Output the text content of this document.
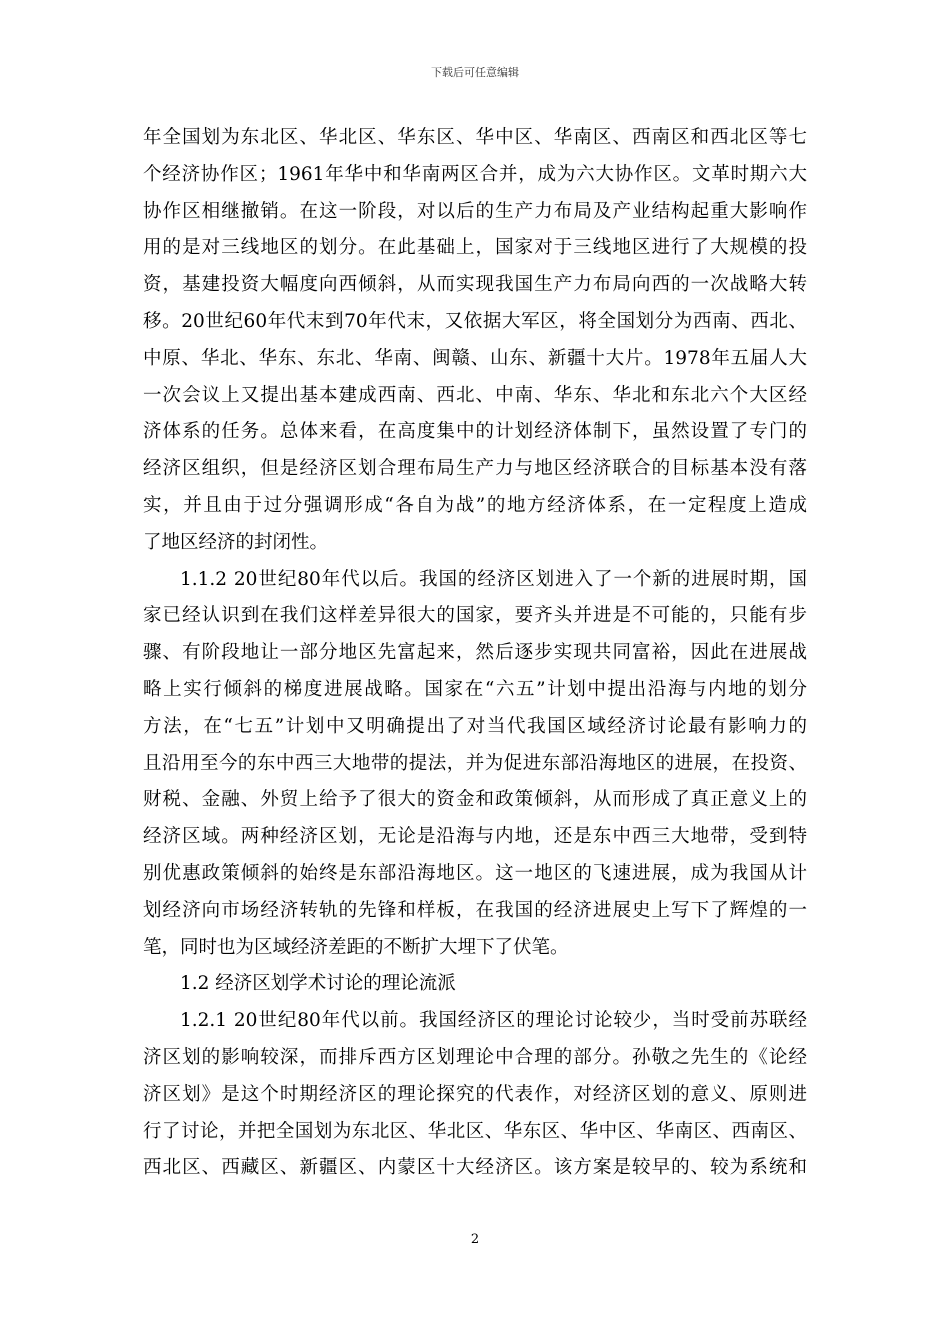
下载后可任意编辑
年全国划为东北区、华北区、华东区、华中区、华南区、西南区和西北区等七
个经济协作区；1961年华中和华南两区合并，成为六大协作区。文革时期六大
协作区相继撤销。在这一阶段，对以后的生产力布局及产业结构起重大影响作
用的是对三线地区的划分。在此基础上，国家对于三线地区进行了大规模的投
资，基建投资大幅度向西倾斜，从而实现我国生产力布局向西的一次战略大转
移。20世纪60年代末到70年代末，又依据大军区，将全国划分为西南、西北、
中原、华北、华东、东北、华南、闽赣、山东、新疆十大片。1978年五届人大
一次会议上又提出基本建成西南、西北、中南、华东、华北和东北六个大区经
济体系的任务。总体来看，在高度集中的计划经济体制下，虽然设置了专门的
经济区组织，但是经济区划合理布局生产力与地区经济联合的目标基本没有落
实，并且由于过分强调形成“各自为战”的地方经济体系，在一定程度上造成
了地区经济的封闭性。
1.1.2 20世纪80年代以后。我国的经济区划进入了一个新的进展时期，国
家已经认识到在我们这样差异很大的国家，要齐头并进是不可能的，只能有步
骤、有阶段地让一部分地区先富起来，然后逐步实现共同富裕，因此在进展战
略上实行倾斜的梯度进展战略。国家在“六五”计划中提出沿海与内地的划分
方法，在“七五”计划中又明确提出了对当代我国区域经济讨论最有影响力的
且沿用至今的东中西三大地带的提法，并为促进东部沿海地区的进展，在投资、
财税、金融、外贸上给予了很大的资金和政策倾斜，从而形成了真正意义上的
经济区域。两种经济区划，无论是沿海与内地，还是东中西三大地带，受到特
别优惠政策倾斜的始终是东部沿海地区。这一地区的飞速进展，成为我国从计
划经济向市场经济转轨的先锋和样板，在我国的经济进展史上写下了辉煌的一
笔，同时也为区域经济差距的不断扩大埋下了伏笔。
1.2 经济区划学术讨论的理论流派
1.2.1 20世纪80年代以前。我国经济区的理论讨论较少，当时受前苏联经
济区划的影响较深，而排斥西方区划理论中合理的部分。孙敬之先生的《论经
济区划》是这个时期经济区的理论探究的代表作，对经济区划的意义、原则进
行了讨论，并把全国划为东北区、华北区、华东区、华中区、华南区、西南区、
西北区、西藏区、新疆区、内蒙区十大经济区。该方案是较早的、较为系统和
2
